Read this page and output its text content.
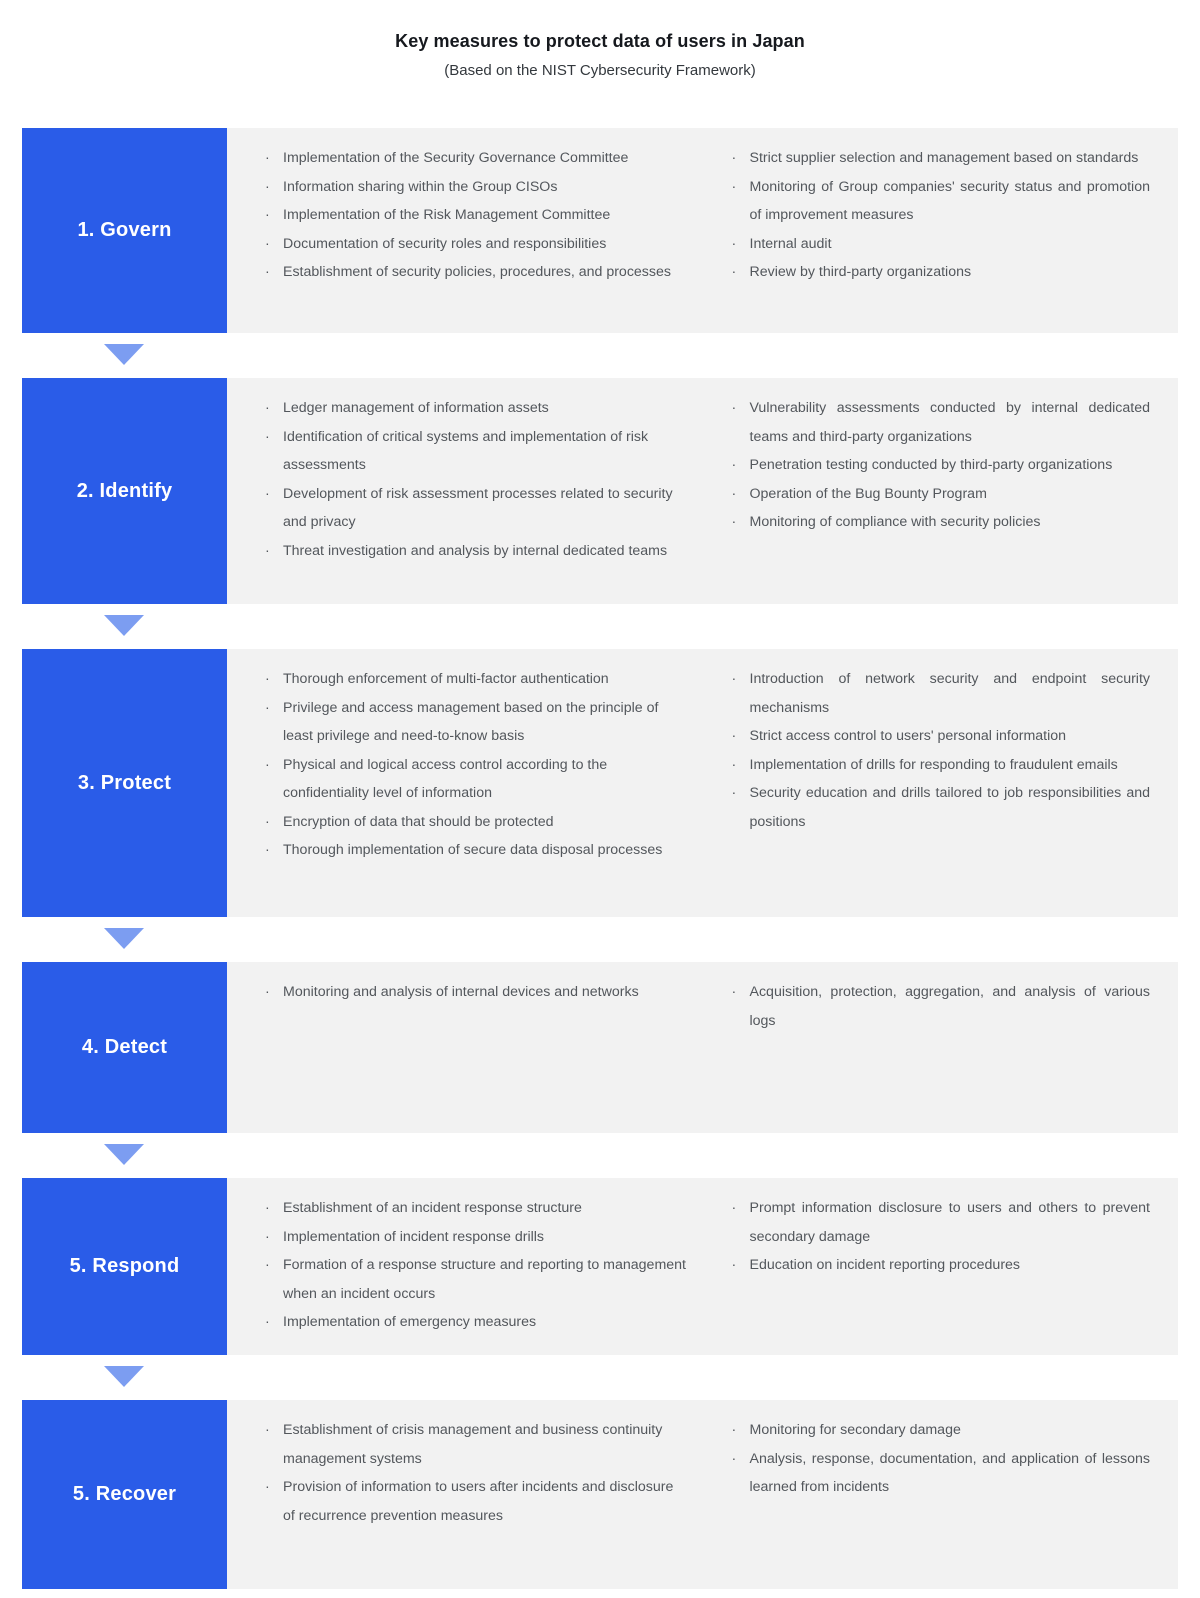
Key measures to protect data of users in Japan
(Based on the NIST Cybersecurity Framework)
1. Govern
· Implementation of the Security Governance Committee
· Information sharing within the Group CISOs
· Implementation of the Risk Management Committee
· Documentation of security roles and responsibilities
· Establishment of security policies, procedures, and processes
· Strict supplier selection and management based on standards
· Monitoring of Group companies' security status and promotion of improvement measures
· Internal audit
· Review by third-party organizations
2. Identify
· Ledger management of information assets
· Identification of critical systems and implementation of risk assessments
· Development of risk assessment processes related to security and privacy
· Threat investigation and analysis by internal dedicated teams
· Vulnerability assessments conducted by internal dedicated teams and third-party organizations
· Penetration testing conducted by third-party organizations
· Operation of the Bug Bounty Program
· Monitoring of compliance with security policies
3. Protect
· Thorough enforcement of multi-factor authentication
· Privilege and access management based on the principle of least privilege and need-to-know basis
· Physical and logical access control according to the confidentiality level of information
· Encryption of data that should be protected
· Thorough implementation of secure data disposal processes
· Introduction of network security and endpoint security mechanisms
· Strict access control to users' personal information
· Implementation of drills for responding to fraudulent emails
· Security education and drills tailored to job responsibilities and positions
4. Detect
· Monitoring and analysis of internal devices and networks	· Acquisition, protection, aggregation, and analysis of various logs
5. Respond
· Establishment of an incident response structure
· Implementation of incident response drills
· Formation of a response structure and reporting to management when an incident occurs
· Implementation of emergency measures
· Prompt information disclosure to users and others to prevent secondary damage
· Education on incident reporting procedures
5. Recover
· Establishment of crisis management and business continuity management systems
· Provision of information to users after incidents and disclosure of recurrence prevention measures
· Monitoring for secondary damage
· Analysis, response, documentation, and application of lessons learned from incidents
